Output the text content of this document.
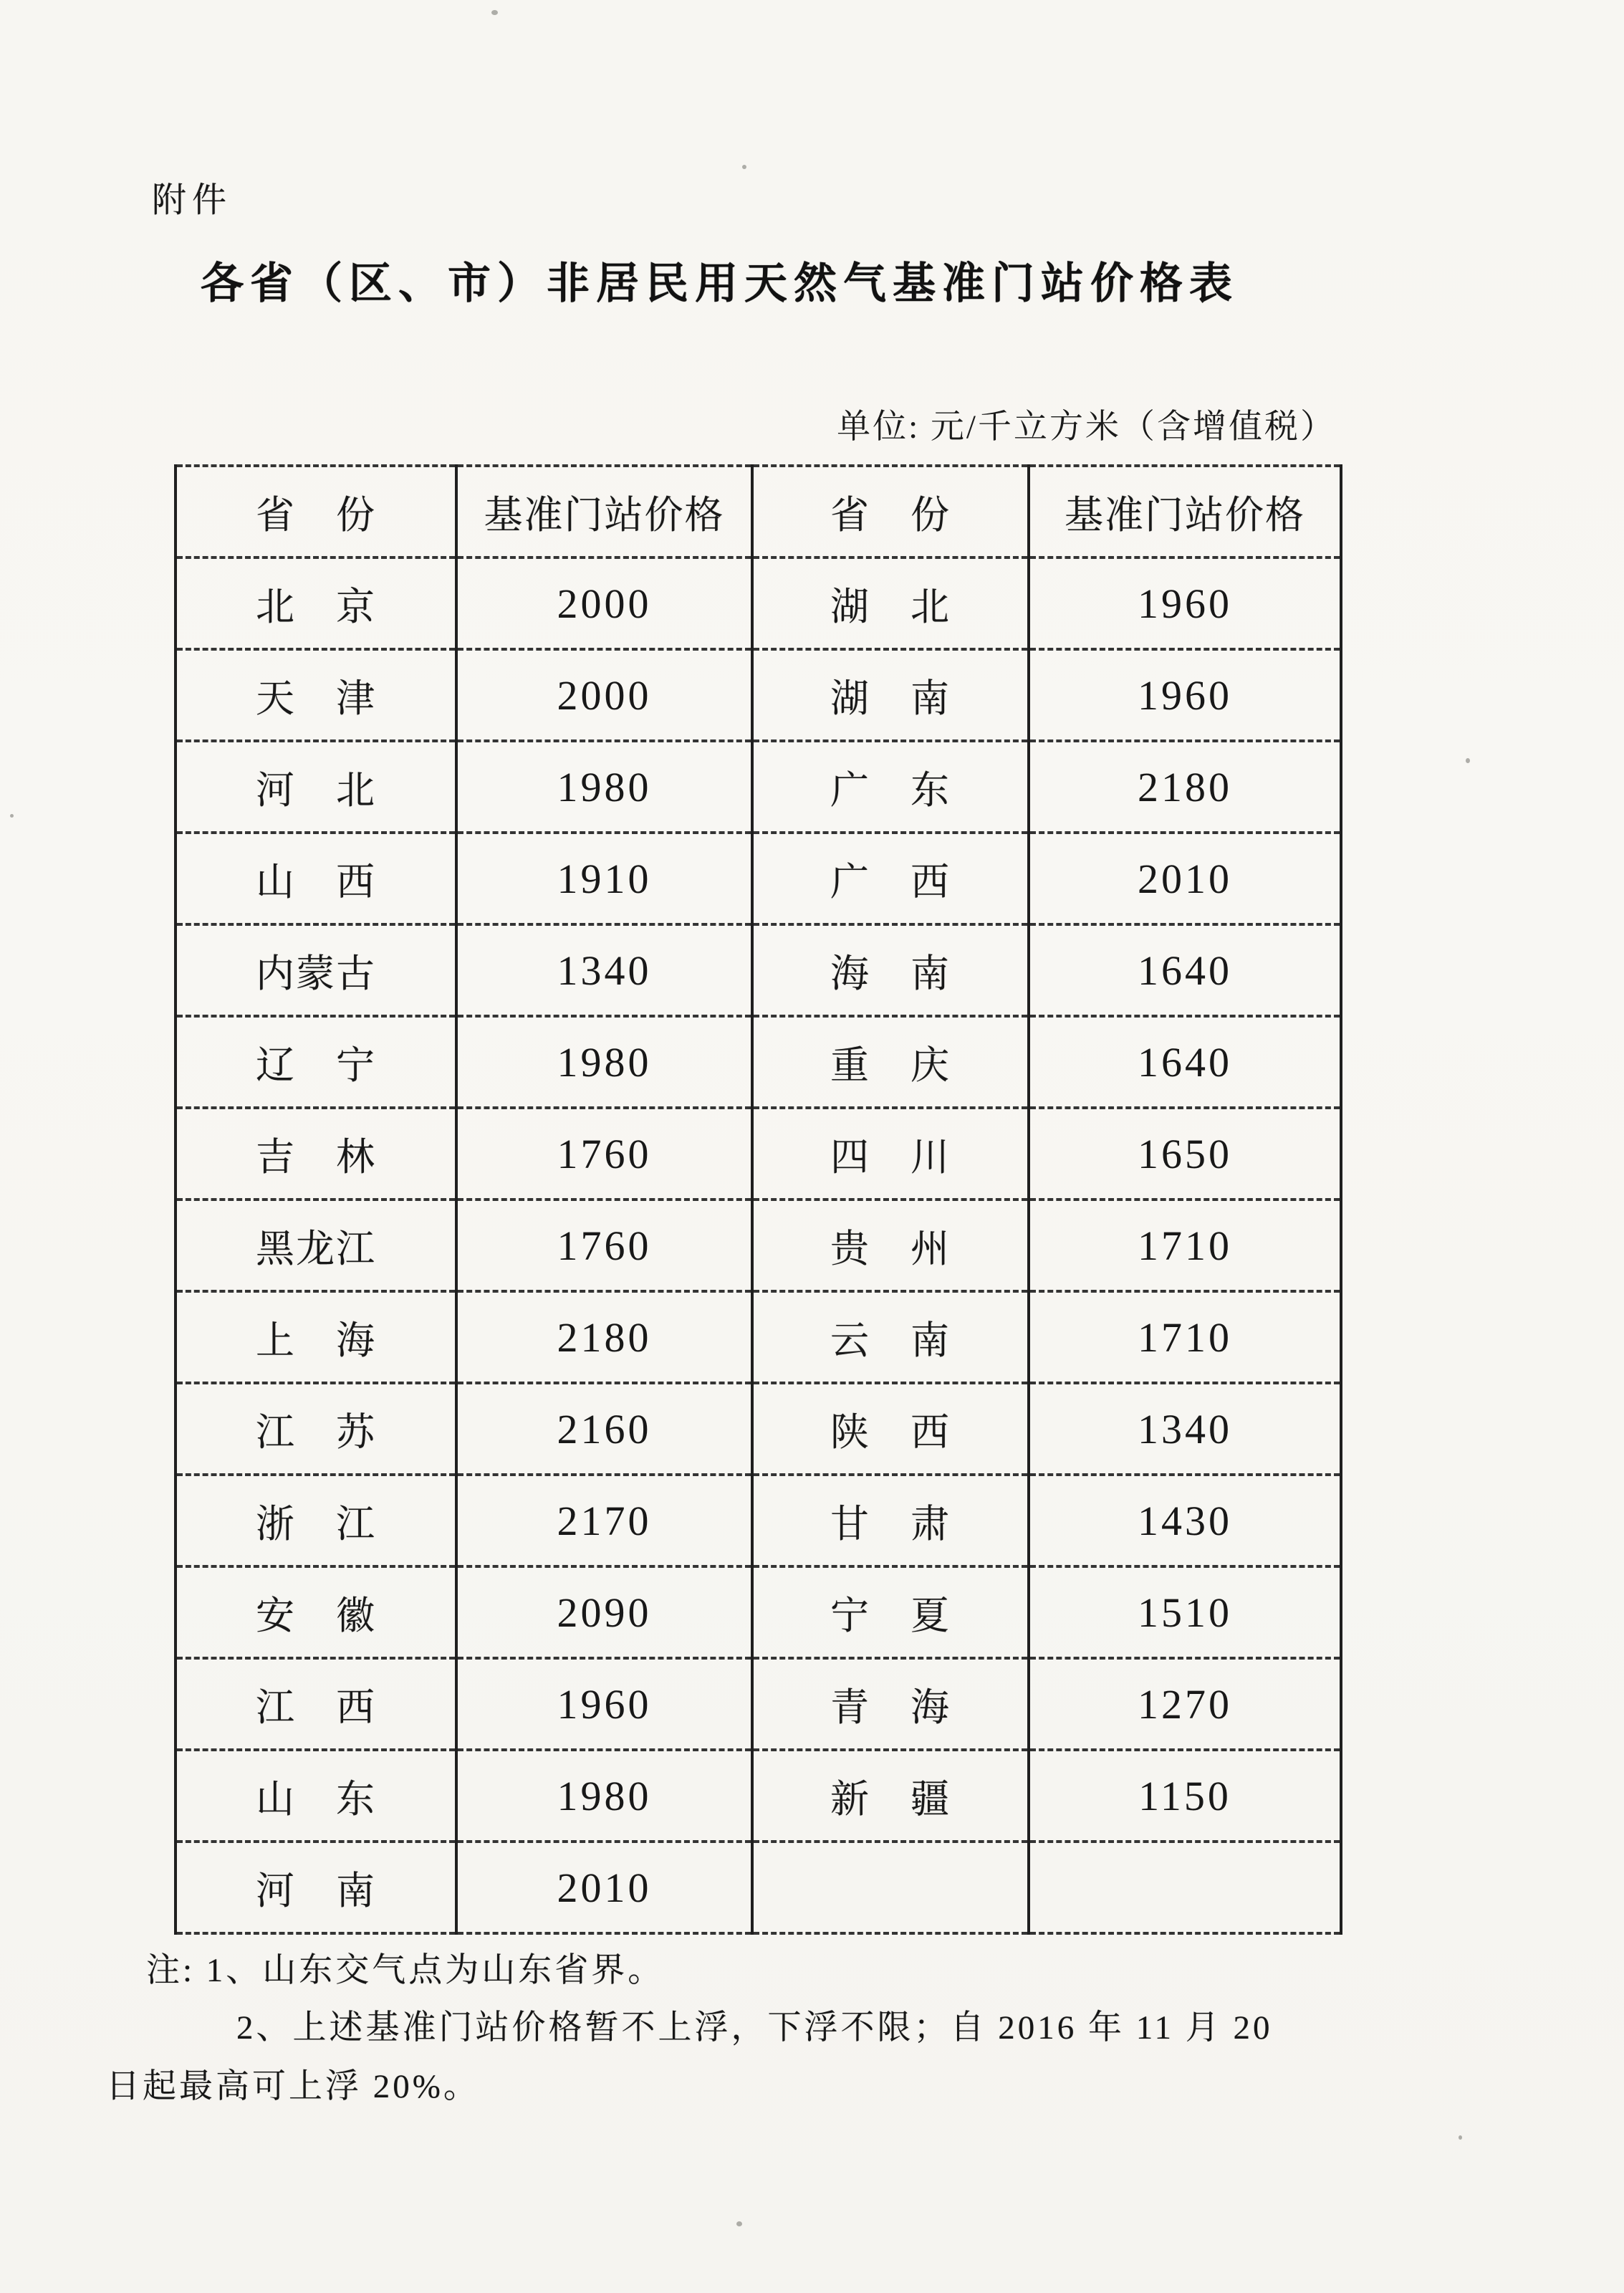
附件
各省（区、市）非居民用天然气基准门站价格表
单位: 元/千立方米（含增值税）
省　份	基准门站价格	省　份	基准门站价格
北　京	2000	湖　北	1960
天　津	2000	湖　南	1960
河　北	1980	广　东	2180
山　西	1910	广　西	2010
内蒙古	1340	海　南	1640
辽　宁	1980	重　庆	1640
吉　林	1760	四　川	1650
黑龙江	1760	贵　州	1710
上　海	2180	云　南	1710
江　苏	2160	陕　西	1340
浙　江	2170	甘　肃	1430
安　徽	2090	宁　夏	1510
江　西	1960	青　海	1270
山　东	1980	新　疆	1150
河　南	2010		
注: 1、山东交气点为山东省界。
2、上述基准门站价格暂不上浮，下浮不限；自 2016 年 11 月 20
日起最高可上浮 20%。
